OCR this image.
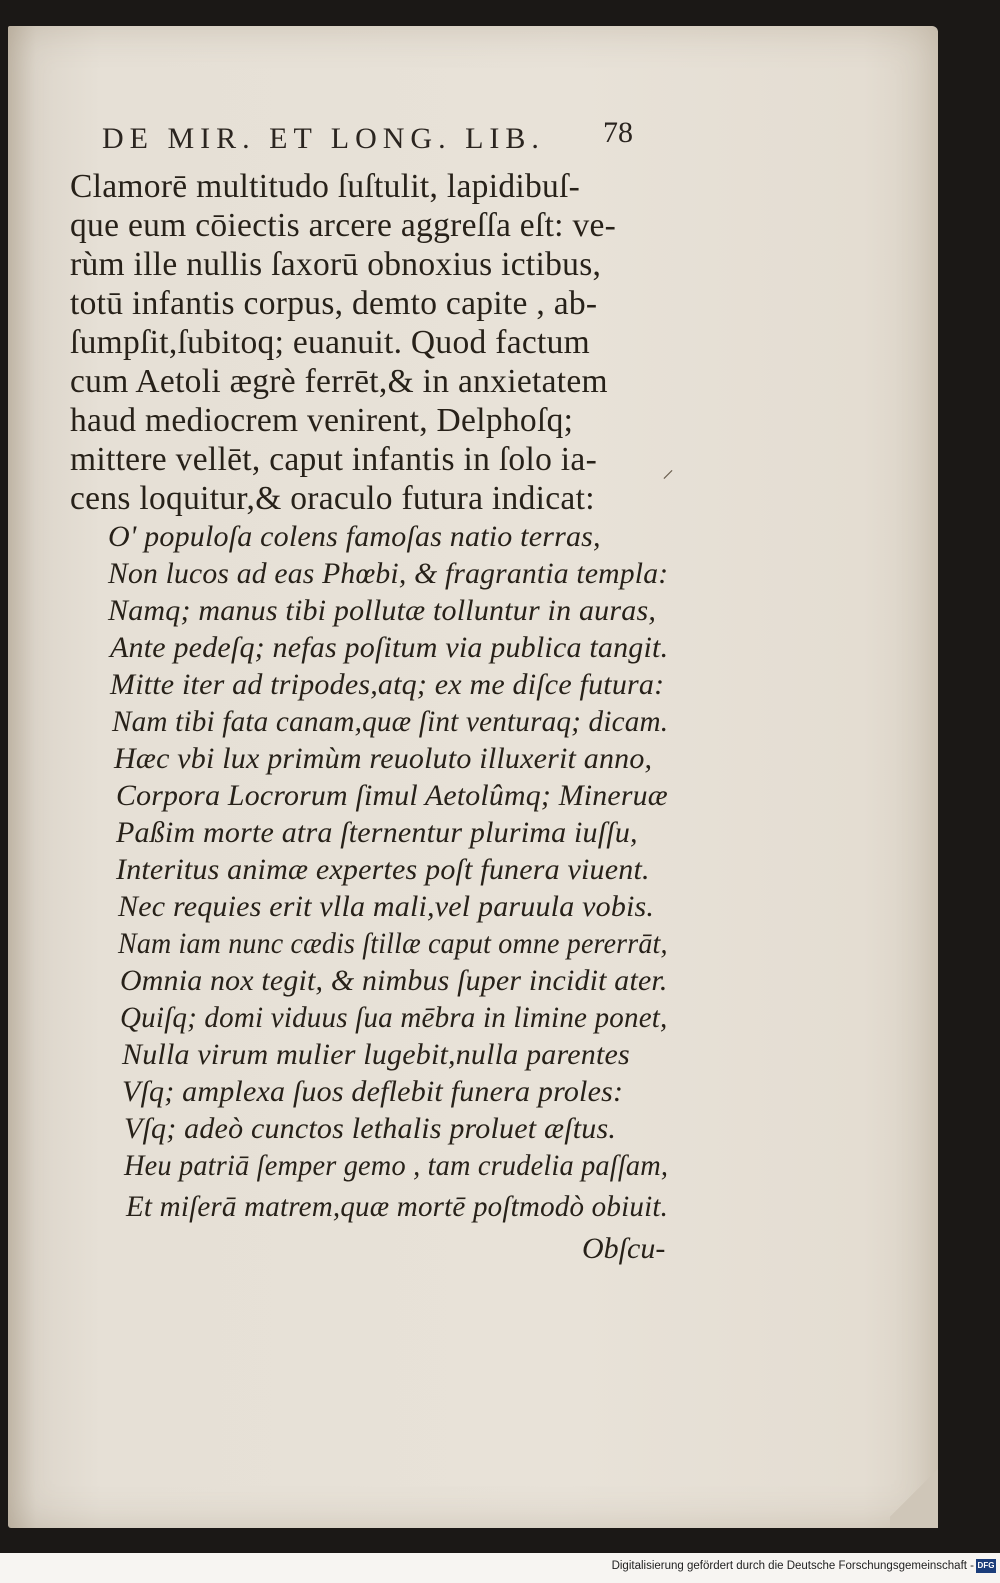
DE MIR. ET LONG. LIB.	78
Clamorē multitudo ſuſtulit, lapidibuſ-
que eum cōiectis arcere aggreſſa eſt: ve-
rùm ille nullis ſaxorū obnoxius ictibus,
totū infantis corpus, demto capite , ab-
ſumpſit,ſubitoq; euanuit. Quod factum
cum Aetoli ægrè ferrēt,& in anxietatem
haud mediocrem venirent, Delphoſq;
mittere vellēt, caput infantis in ſolo ia-
cens loquitur,& oraculo futura indicat:
⸝
O' populoſa colens famoſas natio terras,
Non lucos ad eas Phœbi, & fragrantia templa:
Namq; manus tibi pollutæ tolluntur in auras,
Ante pedeſq; nefas poſitum via publica tangit.
Mitte iter ad tripodes,atq; ex me diſce futura:
Nam tibi fata canam,quæ ſint venturaq; dicam.
Hæc vbi lux primùm reuoluto illuxerit anno,
Corpora Locrorum ſimul Aetolûmq; Mineruæ
Paßim morte atra ſternentur plurima iuſſu,
Interitus animæ expertes poſt funera viuent.
Nec requies erit vlla mali,vel paruula vobis.
Nam iam nunc cædis ſtillæ caput omne pererrāt,
Omnia nox tegit, & nimbus ſuper incidit ater.
Quiſq; domi viduus ſua mēbra in limine ponet,
Nulla virum mulier lugebit,nulla parentes
Vſq; amplexa ſuos deflebit funera proles:
Vſq; adeò cunctos lethalis proluet æſtus.
Heu patriā ſemper gemo , tam crudelia paſſam,
Et miſerā matrem,quæ mortē poſtmodò obiuit.
Obſcu-
Digitalisierung gefördert durch die Deutsche Forschungsgemeinschaft - DFG
